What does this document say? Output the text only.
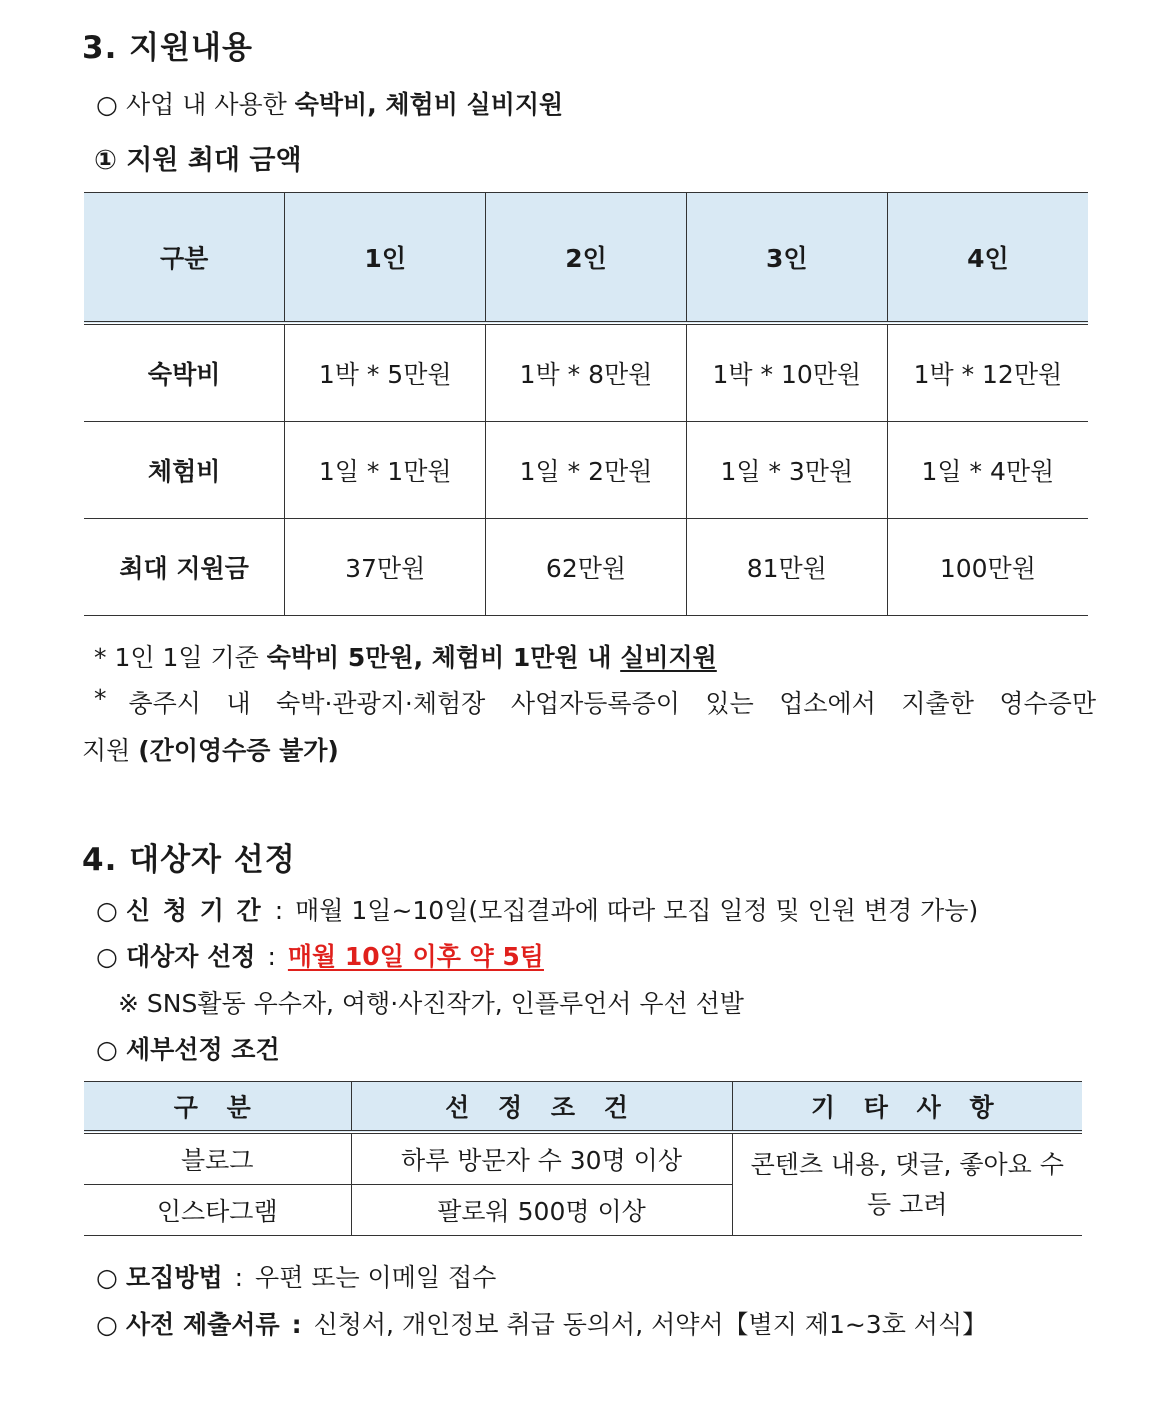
3. 지원내용
○ 사업 내 사용한 숙박비, 체험비 실비지원
① 지원 최대 금액
구분	1인	2인	3인	4인
숙박비	1박 * 5만원	1박 * 8만원	1박 * 10만원	1박 * 12만원
체험비	1일 * 1만원	1일 * 2만원	1일 * 3만원	1일 * 4만원
최대 지원금	37만원	62만원	81만원	100만원
* 1인 1일 기준 숙박비 5만원, 체험비 1만원 내 실비지원
* 충주시 내 숙박·관광지·체험장 사업자등록증이 있는 업소에서 지출한 영수증만
지원 (간이영수증 불가)
4. 대상자 선정
○ 신 청 기 간 : 매월 1일~10일(모집결과에 따라 모집 일정 및 인원 변경 가능)
○ 대상자 선정 : 매월 10일 이후 약 5팀
※ SNS활동 우수자, 여행·사진작가, 인플루언서 우선 선발
○ 세부선정 조건
구 분	선 정 조 건	기 타 사 항
블로그	하루 방문자 수 30명 이상	콘텐츠 내용, 댓글, 좋아요 수 등 고려
인스타그램	팔로워 500명 이상	
○ 모집방법 : 우편 또는 이메일 접수
○ 사전 제출서류 : 신청서, 개인정보 취급 동의서, 서약서【별지 제1~3호 서식】
